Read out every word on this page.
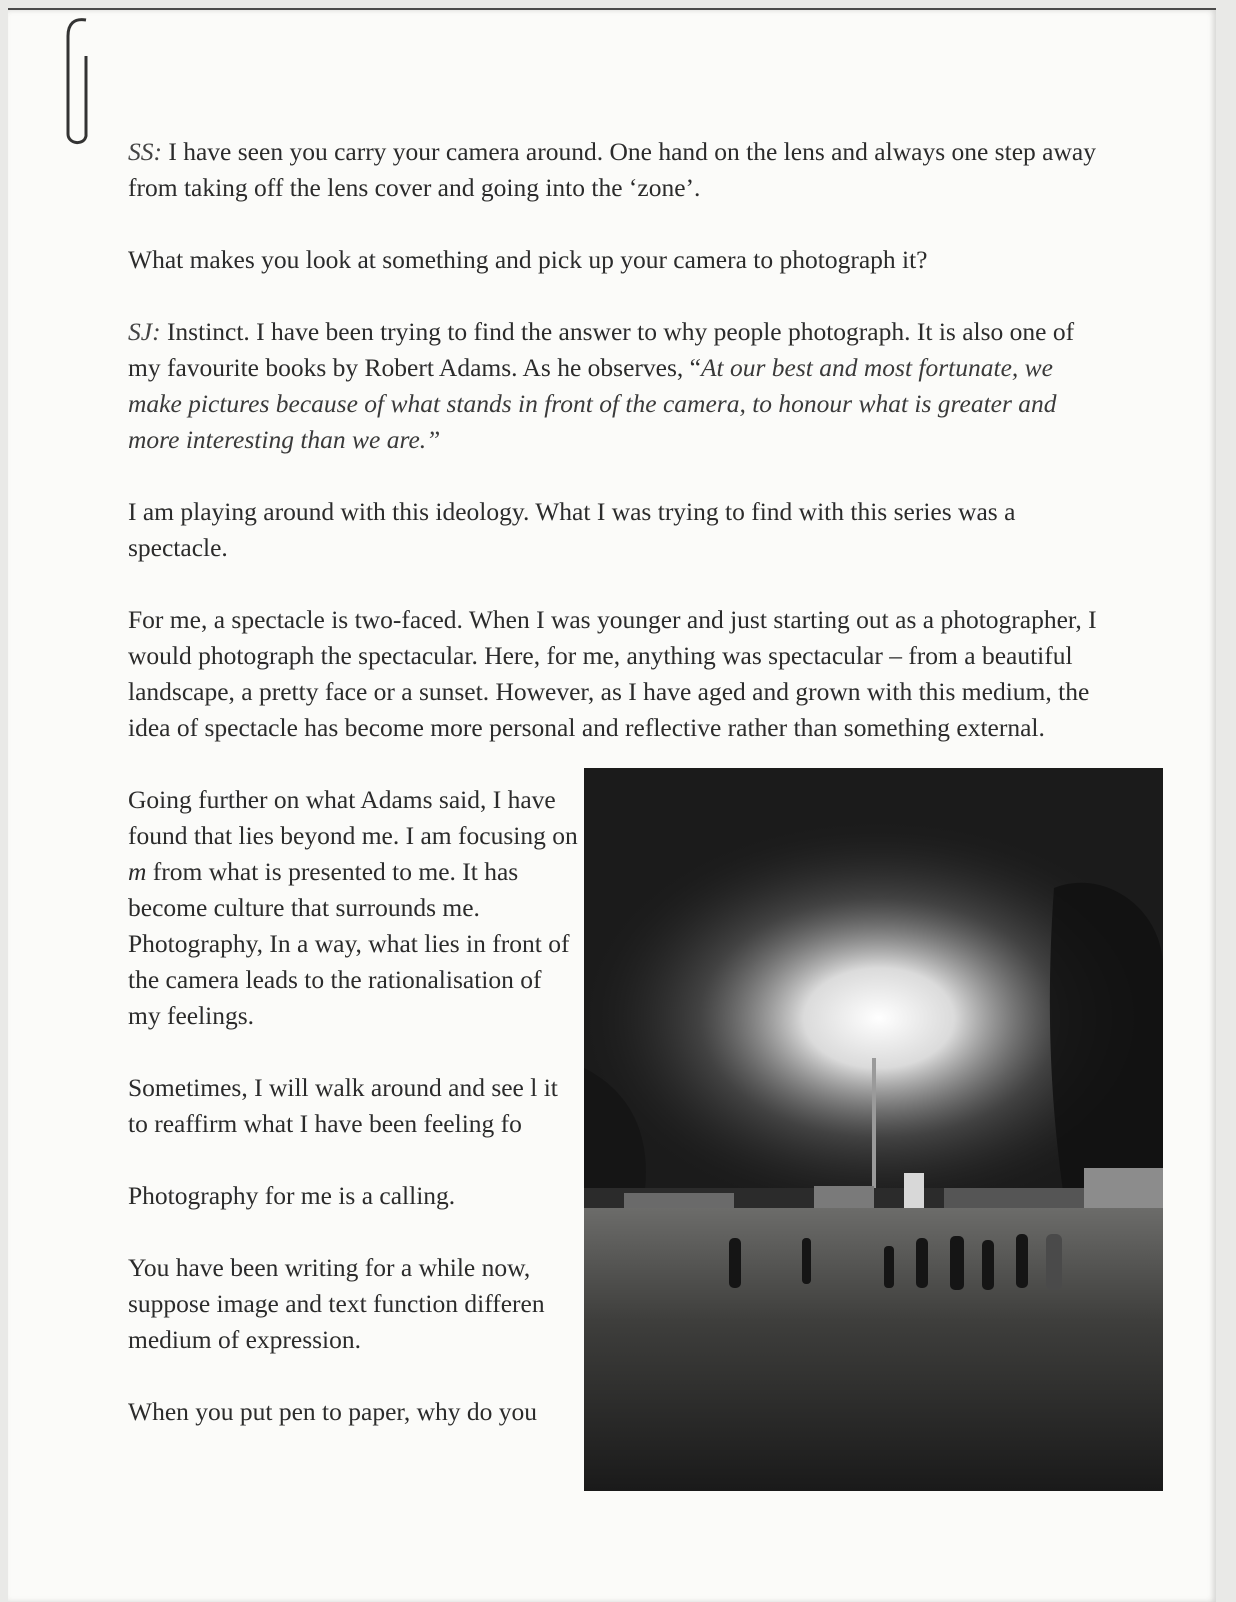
SS: I have seen you carry your camera around. One hand on the lens and always one step away from taking off the lens cover and going into the ‘zone’.

What makes you look at something and pick up your camera to photograph it?

SJ: Instinct. I have been trying to find the answer to why people photograph. It is also one of my favourite books by Robert Adams. As he observes, “At our best and most fortunate, we make pictures because of what stands in front of the camera, to honour what is greater and more interesting than we are.”

I am playing around with this ideology. What I was trying to find with this series was a spectacle.

For me, a spectacle is two-faced. When I was younger and just starting out as a photographer, I would photograph the spectacular. Here, for me, anything was spectacular – from a beautiful landscape, a pretty face or a sunset. However, as I have aged and grown with this medium, the idea of spectacle has become more personal and reflective rather than something external.

Going further on what Adams said, I have found that lies beyond me. I am focusing on m from what is presented to me. It has become culture that surrounds me. Photography, In a way, what lies in front of the camera leads to the rationalisation of my feelings.

Sometimes, I will walk around and see l it to reaffirm what I have been feeling fo

Photography for me is a calling.

You have been writing for a while now, suppose image and text function differen medium of expression.

When you put pen to paper, why do you
